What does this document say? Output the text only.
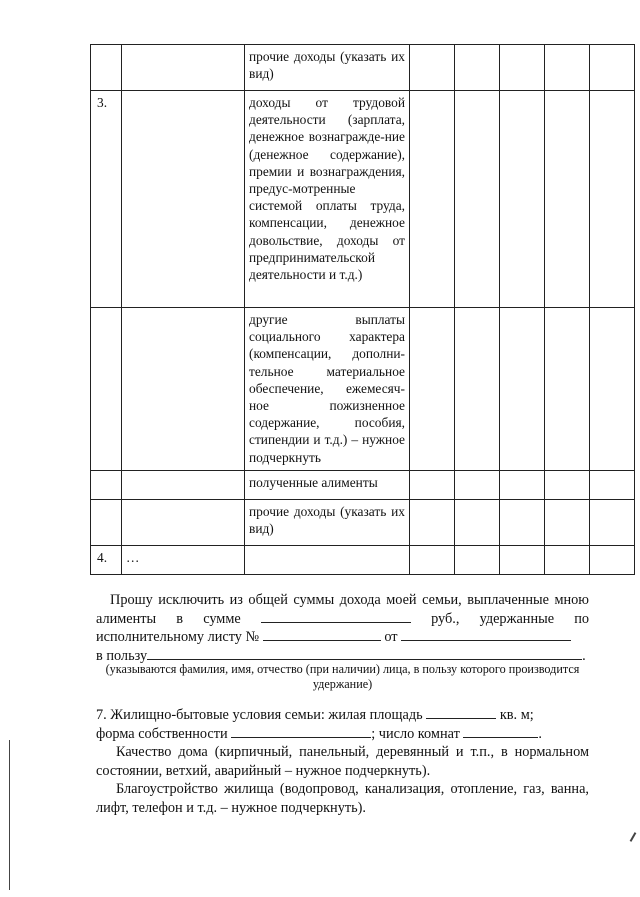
		прочие доходы (указать их вид)					
3.		доходы от трудовой деятельности (зарплата, денежное вознагражде-ние (денежное содержание), премии и вознаграждения, предус-мотренные системой оплаты труда, компенсации, денежное довольствие, доходы от предпринимательской деятельности и т.д.)					
		другие выплаты социального характера (компенсации, дополни-тельное материальное обеспечение, ежемесяч-ное пожизненное содержание, пособия, стипендии и т.д.) – нужное подчеркнуть					
		полученные алименты					
		прочие доходы (указать их вид)					
4.	…						
Прошу исключить из общей суммы дохода моей семьи, выплаченные мною алименты в сумме	руб., удержанные по исполнительному листу №	от
в пользу	.
(указываются фамилия, имя, отчество (при наличии) лица, в пользу которого производится удержание)
7. Жилищно-бытовые условия семьи: жилая площадь	кв. м;
форма собственности	; число комнат	.
Качество дома (кирпичный, панельный, деревянный и т.п., в нормальном состоянии, ветхий, аварийный – нужное подчеркнуть).
Благоустройство жилища (водопровод, канализация, отопление, газ, ванна, лифт, телефон и т.д. – нужное подчеркнуть).
